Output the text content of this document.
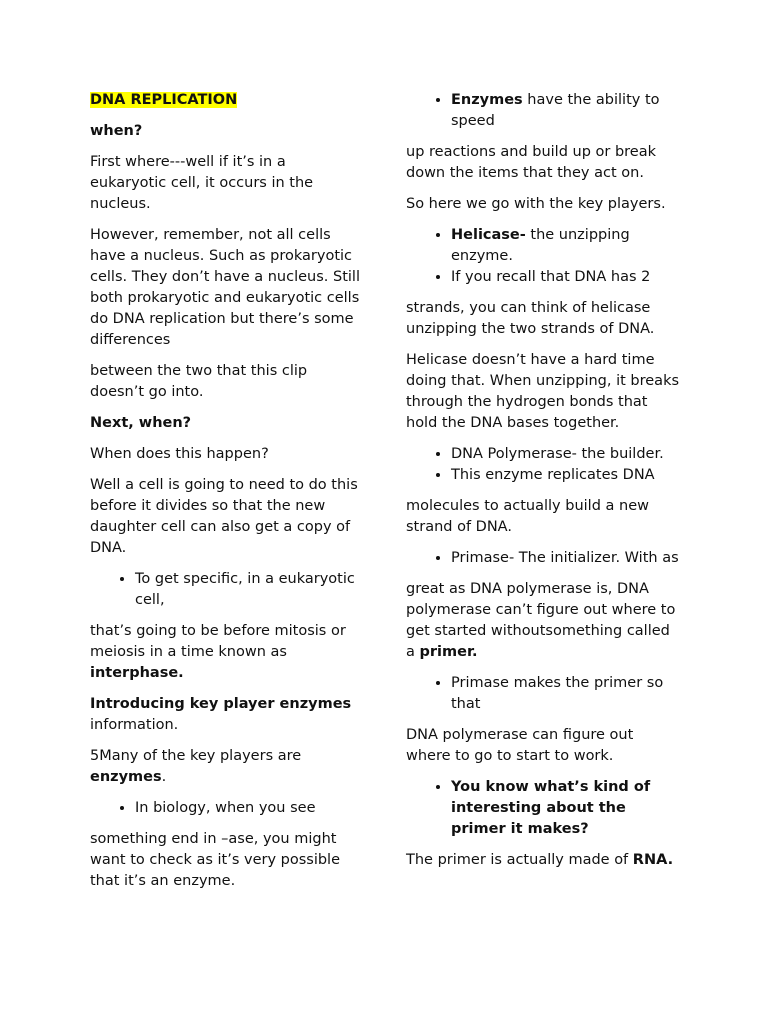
DNA REPLICATION

when?

First where---well if it’s in a eukaryotic cell, it occurs in the nucleus.

However, remember, not all cells have a nucleus. Such as prokaryotic cells. They don’t have a nucleus. Still both prokaryotic and eukaryotic cells do DNA replication but there’s some differences

between the two that this clip doesn’t go into.

Next, when?

When does this happen?

Well a cell is going to need to do this before it divides so that the new daughter cell can also get a copy of DNA.

• To get specific, in a eukaryotic cell,

that’s going to be before mitosis or meiosis in a time known as interphase.

Introducing key player enzymes information.

5Many of the key players are enzymes.

• In biology, when you see

something end in –ase, you might want to check as it’s very possible that it’s an enzyme.

• Enzymes have the ability to speed

up reactions and build up or break down the items that they act on.

So here we go with the key players.

• Helicase- the unzipping enzyme.
• If you recall that DNA has 2

strands, you can think of helicase unzipping the two strands of DNA.

Helicase doesn’t have a hard time doing that. When unzipping, it breaks through the hydrogen bonds that hold the DNA bases together.

• DNA Polymerase- the builder.
• This enzyme replicates DNA

molecules to actually build a new strand of DNA.

• Primase- The initializer. With as

great as DNA polymerase is, DNA polymerase can’t figure out where to get started withoutsomething called a primer.

• Primase makes the primer so that

DNA polymerase can figure out where to go to start to work.

• You know what’s kind of interesting about the primer it makes?

The primer is actually made of RNA.
